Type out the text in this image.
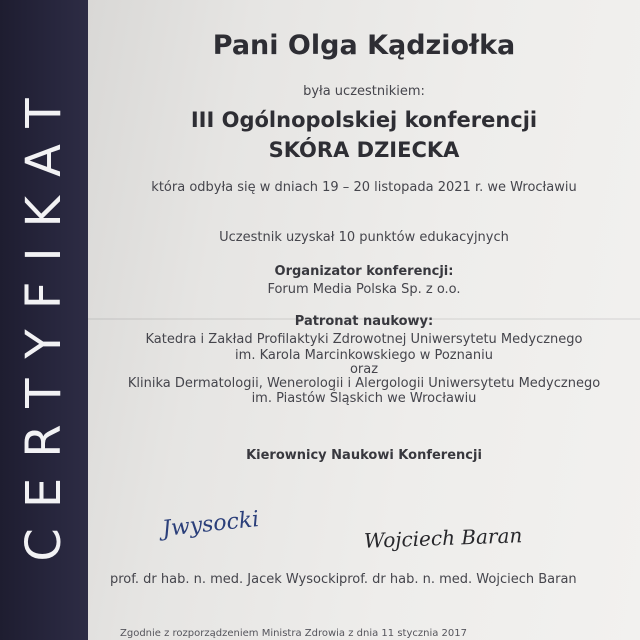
CERTYFIKAT
Pani Olga Kądziołka
była uczestnikiem:
III Ogólnopolskiej konferencji
SKÓRA DZIECKA
która odbyła się w dniach 19 – 20 listopada 2021 r. we Wrocławiu
Uczestnik uzyskał 10 punktów edukacyjnych
Organizator konferencji:
Forum Media Polska Sp. z o.o.
Patronat naukowy:
Katedra i Zakład Profilaktyki Zdrowotnej Uniwersytetu Medycznego
im. Karola Marcinkowskiego w Poznaniu
oraz
Klinika Dermatologii, Wenerologii i Alergologii Uniwersytetu Medycznego
im. Piastów Śląskich we Wrocławiu
Kierownicy Naukowi Konferencji
Jwysocki	Wojciech Baran
prof. dr hab. n. med. Jacek Wysocki prof. dr hab. n. med. Wojciech Baran
Zgodnie z rozporządzeniem Ministra Zdrowia z dnia 11 stycznia 2017
